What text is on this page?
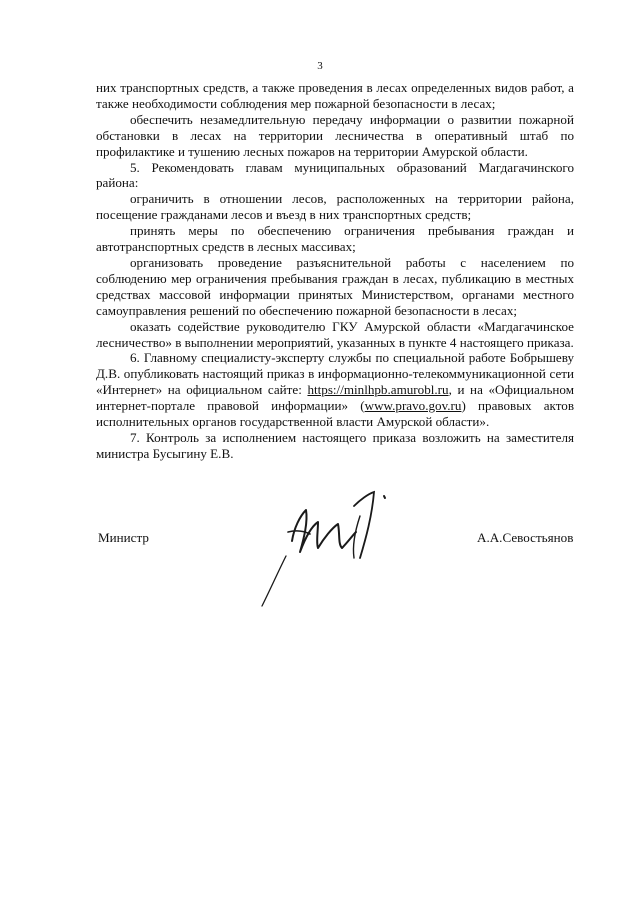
3

них транспортных средств, а также проведения в лесах определенных видов работ, а также необходимости соблюдения мер пожарной безопасности в лесах;

обеспечить незамедлительную передачу информации о развитии пожарной обстановки в лесах на территории лесничества в оперативный штаб по профилактике и тушению лесных пожаров на территории Амурской области.

5. Рекомендовать главам муниципальных образований Магдагачинского района:

ограничить в отношении лесов, расположенных на территории района, посещение гражданами лесов и въезд в них транспортных средств;

принять меры по обеспечению ограничения пребывания граждан и автотранспортных средств в лесных массивах;

организовать проведение разъяснительной работы с населением по соблюдению мер ограничения пребывания граждан в лесах, публикацию в местных средствах массовой информации принятых Министерством, органами местного самоуправления решений по обеспечению пожарной безопасности в лесах;

оказать содействие руководителю ГКУ Амурской области «Магдагачинское лесничество» в выполнении мероприятий, указанных в пункте 4 настоящего приказа.

6. Главному специалисту-эксперту службы по специальной работе Бобрышеву Д.В. опубликовать настоящий приказ в информационно-телекоммуникационной сети «Интернет» на официальном сайте: https://minlhpb.amurobl.ru, и на «Официальном интернет-портале правовой информации» (www.pravo.gov.ru) правовых актов исполнительных органов государственной власти Амурской области».

7. Контроль за исполнением настоящего приказа возложить на заместителя министра Бусыгину Е.В.

Министр	А.А.Севостьянов
